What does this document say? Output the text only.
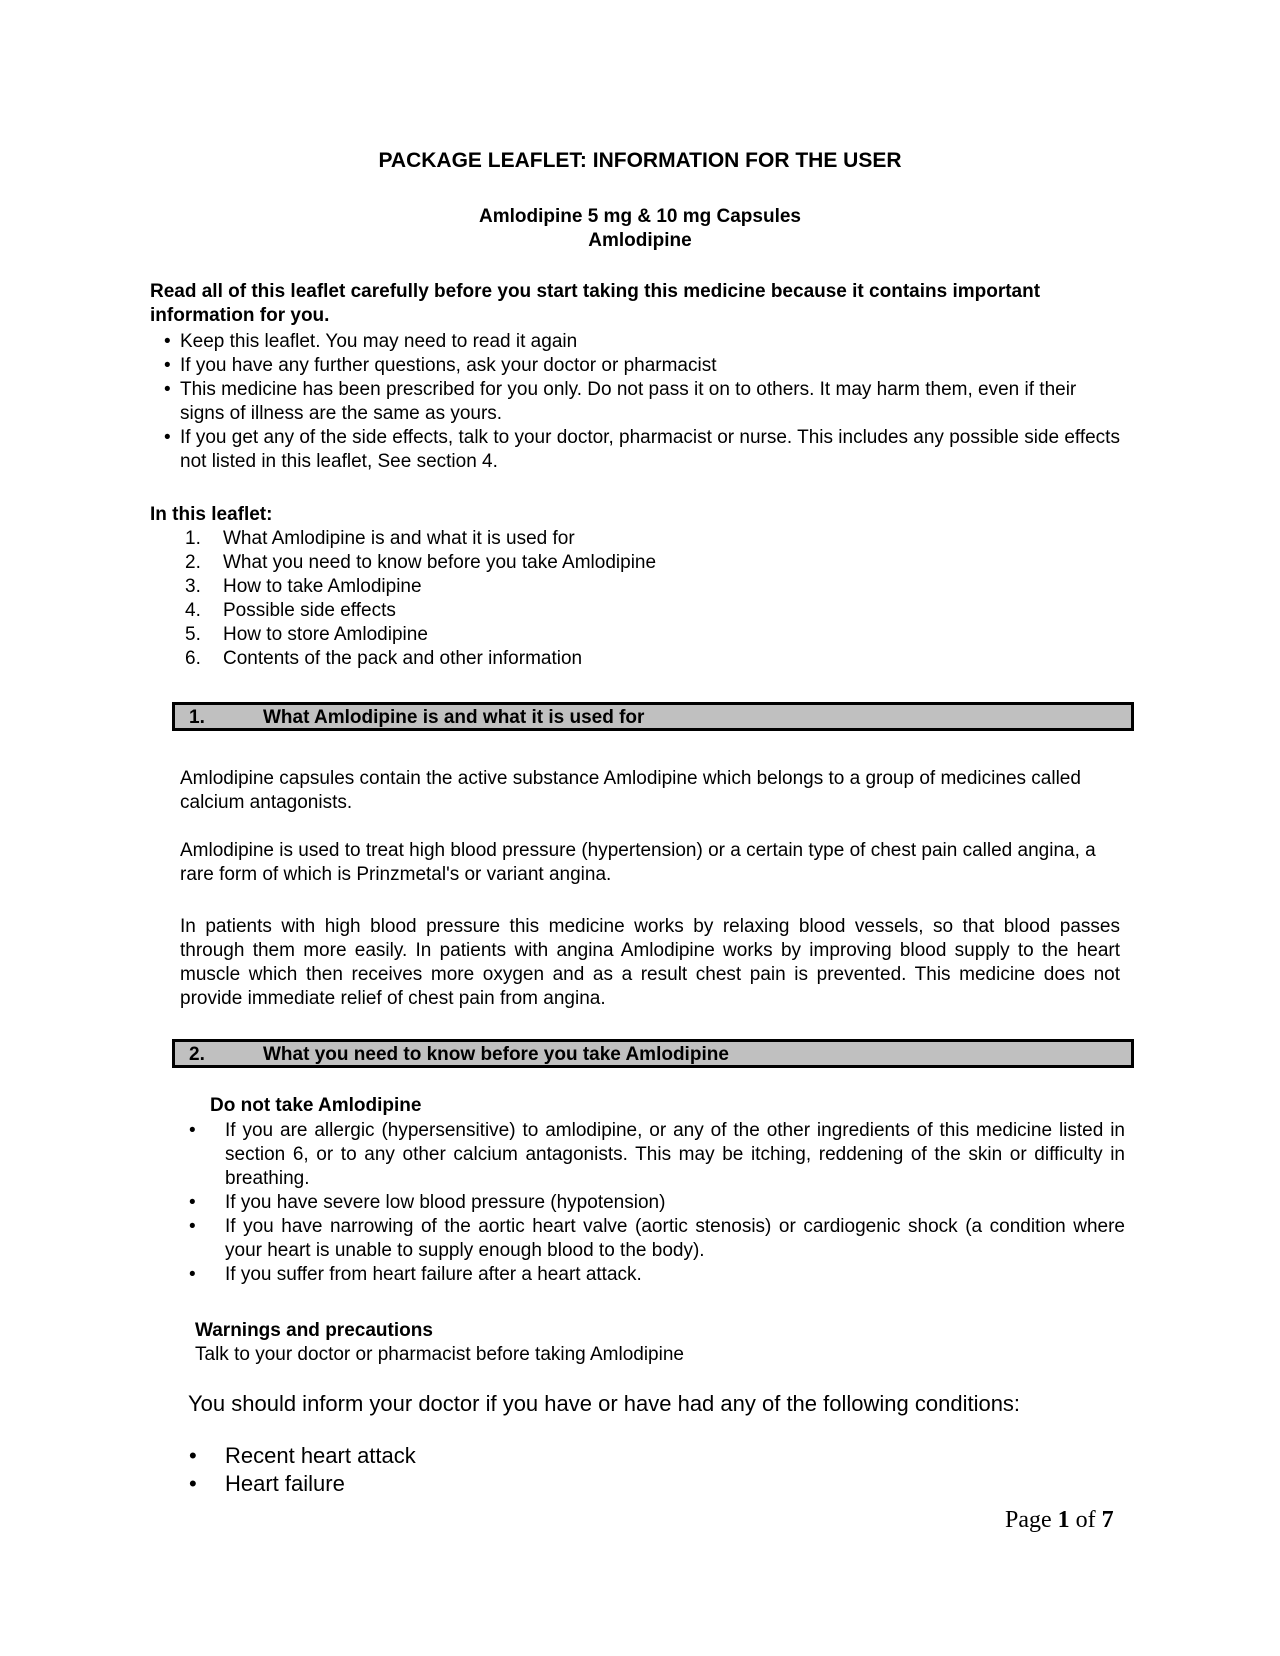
PACKAGE LEAFLET: INFORMATION FOR THE USER
Amlodipine 5 mg & 10 mg Capsules
Amlodipine
Read all of this leaflet carefully before you start taking this medicine because it contains important information for you.
• Keep this leaflet. You may need to read it again
• If you have any further questions, ask your doctor or pharmacist
• This medicine has been prescribed for you only. Do not pass it on to others. It may harm them, even if their signs of illness are the same as yours.
• If you get any of the side effects, talk to your doctor, pharmacist or nurse. This includes any possible side effects not listed in this leaflet, See section 4.
In this leaflet:
1. What Amlodipine is and what it is used for
2. What you need to know before you take Amlodipine
3. How to take Amlodipine
4. Possible side effects
5. How to store Amlodipine
6. Contents of the pack and other information
1.	What Amlodipine is and what it is used for

Amlodipine capsules contain the active substance Amlodipine which belongs to a group of medicines called calcium antagonists.

Amlodipine is used to treat high blood pressure (hypertension) or a certain type of chest pain called angina, a rare form of which is Prinzmetal's or variant angina.

In patients with high blood pressure this medicine works by relaxing blood vessels, so that blood passes through them more easily. In patients with angina Amlodipine works by improving blood supply to the heart muscle which then receives more oxygen and as a result chest pain is prevented. This medicine does not provide immediate relief of chest pain from angina.

2.	What you need to know before you take Amlodipine
Do not take Amlodipine
• If you are allergic (hypersensitive) to amlodipine, or any of the other ingredients of this medicine listed in section 6, or to any other calcium antagonists. This may be itching, reddening of the skin or difficulty in breathing.
• If you have severe low blood pressure (hypotension)
• If you have narrowing of the aortic heart valve (aortic stenosis) or cardiogenic shock (a condition where your heart is unable to supply enough blood to the body).
• If you suffer from heart failure after a heart attack.
Warnings and precautions
Talk to your doctor or pharmacist before taking Amlodipine
You should inform your doctor if you have or have had any of the following conditions:
• Recent heart attack
• Heart failure
Page 1 of 7
